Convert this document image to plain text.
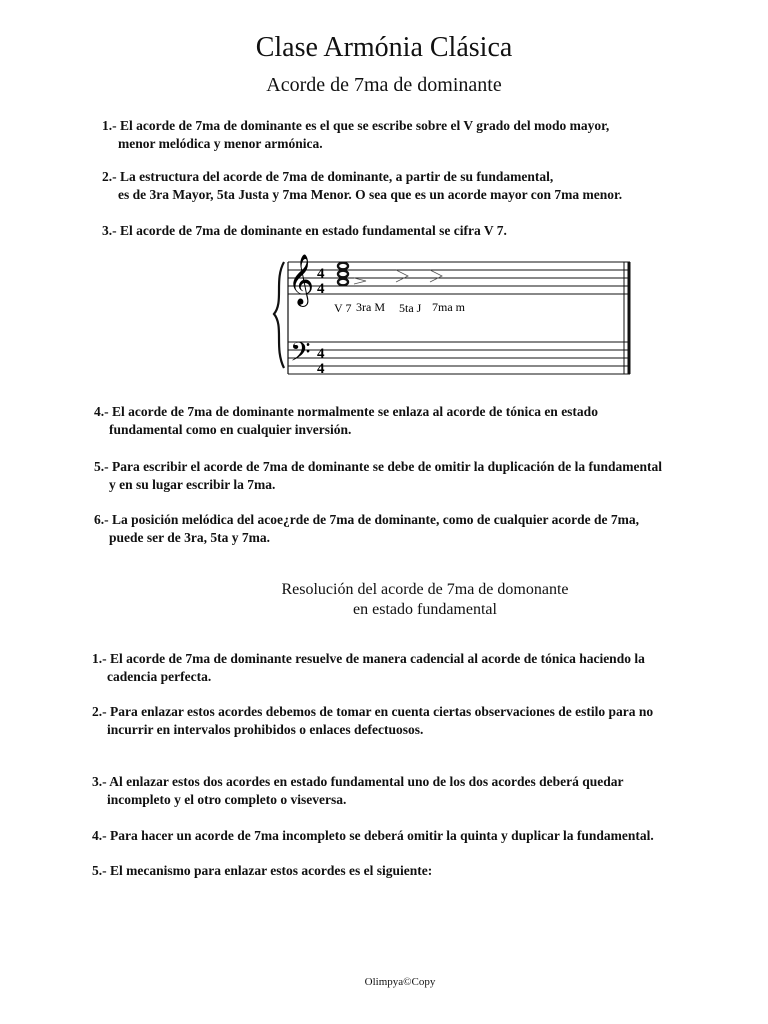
Clase Armónia Clásica
Acorde de 7ma de dominante
1.- El acorde de 7ma de dominante es el que se escribe sobre el V grado del modo mayor,
menor melódica y menor armónica.
2.- La estructura del acorde de 7ma de dominante, a partir de su fundamental,
es de 3ra Mayor, 5ta Justa y 7ma Menor. O sea que es un acorde mayor con 7ma menor.
3.- El acorde de 7ma de dominante en estado fundamental se cifra V 7.
𝄞
𝄢
4
4
4
4
V 7 3ra M 5ta J 7ma m
4.- El acorde de 7ma de dominante normalmente se enlaza al acorde de tónica en estado
fundamental como en cualquier inversión.
5.- Para escribir el acorde de 7ma de dominante se debe de omitir la duplicación de la fundamental
y en su lugar escribir la 7ma.
6.- La posición melódica del acoe¿rde de 7ma de dominante, como de cualquier acorde de 7ma,
puede ser de 3ra, 5ta y 7ma.
Resolución del acorde de 7ma de domonante
en estado fundamental
1.- El acorde de 7ma de dominante resuelve de manera cadencial al acorde de tónica haciendo la
cadencia perfecta.
2.- Para enlazar estos acordes debemos de tomar en cuenta ciertas observaciones de estilo para no
incurrir en intervalos prohibidos o enlaces defectuosos.
3.- Al enlazar estos dos acordes en estado fundamental uno de los dos acordes deberá quedar
incompleto y el otro completo o viseversa.
4.- Para hacer un acorde de 7ma incompleto se deberá omitir la quinta y duplicar la fundamental.
5.- El mecanismo para enlazar estos acordes es el siguiente:
Olimpya©Copy
